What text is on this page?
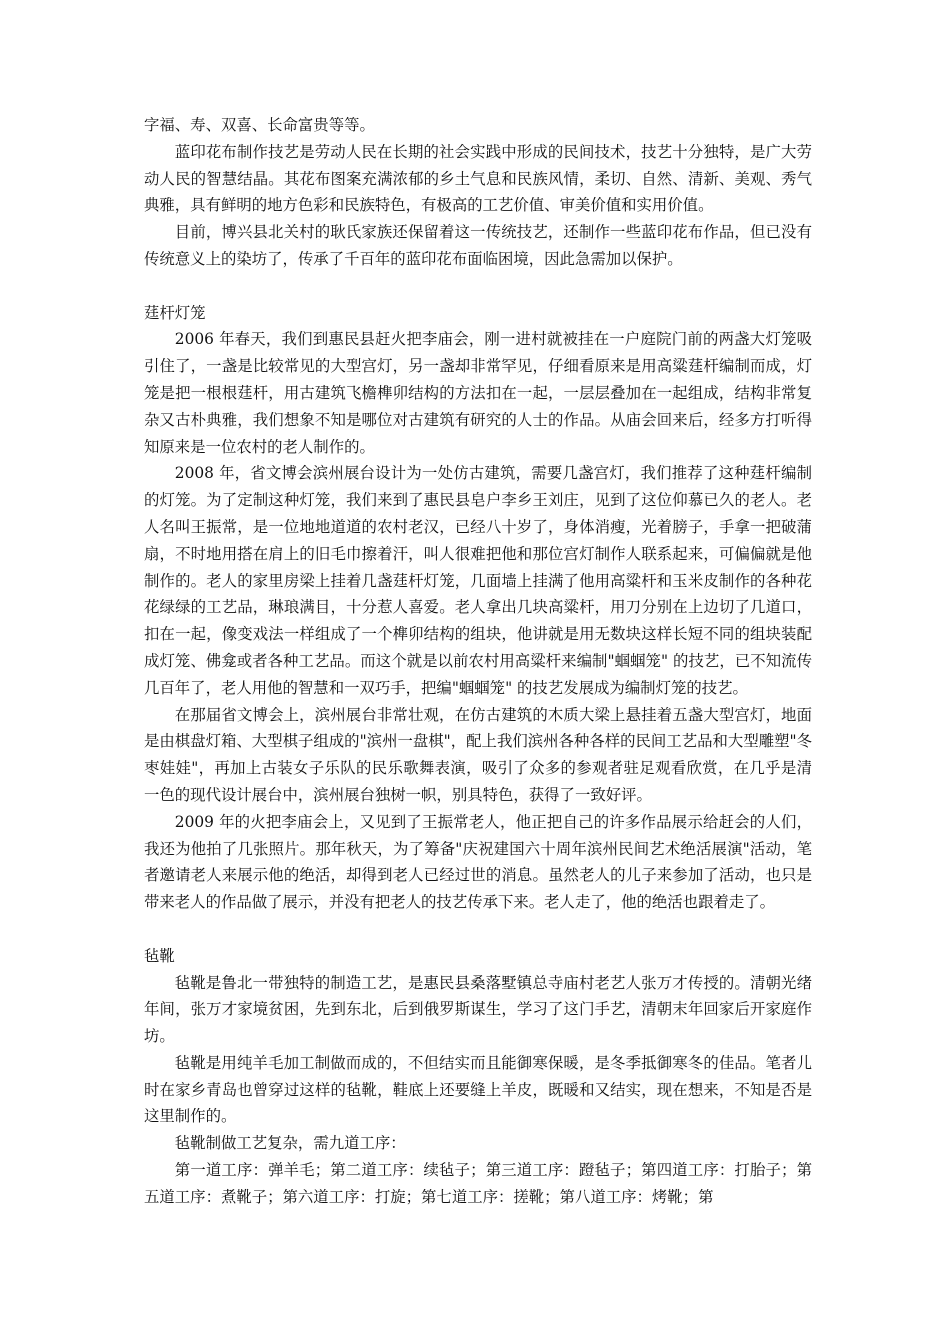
字福、寿、双喜、长命富贵等等。

蓝印花布制作技艺是劳动人民在长期的社会实践中形成的民间技术，技艺十分独特，是广大劳动人民的智慧结晶。其花布图案充满浓郁的乡土气息和民族风情，柔切、自然、清新、美观、秀气典雅，具有鲜明的地方色彩和民族特色，有极高的工艺价值、审美价值和实用价值。

目前，博兴县北关村的耿氏家族还保留着这一传统技艺，还制作一些蓝印花布作品，但已没有传统意义上的染坊了，传承了千百年的蓝印花布面临困境，因此急需加以保护。

莛杆灯笼

2006 年春天，我们到惠民县赶火把李庙会，刚一进村就被挂在一户庭院门前的两盏大灯笼吸引住了，一盏是比较常见的大型宫灯，另一盏却非常罕见，仔细看原来是用高粱莛杆编制而成，灯笼是把一根根莛杆，用古建筑飞檐榫卯结构的方法扣在一起，一层层叠加在一起组成，结构非常复杂又古朴典雅，我们想象不知是哪位对古建筑有研究的人士的作品。从庙会回来后，经多方打听得知原来是一位农村的老人制作的。

2008 年，省文博会滨州展台设计为一处仿古建筑，需要几盏宫灯，我们推荐了这种莛杆编制的灯笼。为了定制这种灯笼，我们来到了惠民县皂户李乡王刘庄，见到了这位仰慕已久的老人。老人名叫王振常，是一位地地道道的农村老汉，已经八十岁了，身体消瘦，光着膀子，手拿一把破蒲扇，不时地用搭在肩上的旧毛巾擦着汗，叫人很难把他和那位宫灯制作人联系起来，可偏偏就是他制作的。老人的家里房梁上挂着几盏莛杆灯笼，几面墙上挂满了他用高粱杆和玉米皮制作的各种花花绿绿的工艺品，琳琅满目，十分惹人喜爱。老人拿出几块高粱杆，用刀分别在上边切了几道口，扣在一起，像变戏法一样组成了一个榫卯结构的组块，他讲就是用无数块这样长短不同的组块装配成灯笼、佛龛或者各种工艺品。而这个就是以前农村用高粱杆来编制"蝈蝈笼" 的技艺，已不知流传几百年了，老人用他的智慧和一双巧手，把编"蝈蝈笼" 的技艺发展成为编制灯笼的技艺。

在那届省文博会上，滨州展台非常壮观，在仿古建筑的木质大梁上悬挂着五盏大型宫灯，地面是由棋盘灯箱、大型棋子组成的"滨州一盘棋"，配上我们滨州各种各样的民间工艺品和大型雕塑"冬枣娃娃"，再加上古装女子乐队的民乐歌舞表演，吸引了众多的参观者驻足观看欣赏，在几乎是清一色的现代设计展台中，滨州展台独树一帜，别具特色，获得了一致好评。

2009 年的火把李庙会上，又见到了王振常老人，他正把自己的许多作品展示给赶会的人们，我还为他拍了几张照片。那年秋天，为了筹备"庆祝建国六十周年滨州民间艺术绝活展演"活动，笔者邀请老人来展示他的绝活，却得到老人已经过世的消息。虽然老人的儿子来参加了活动，也只是带来老人的作品做了展示，并没有把老人的技艺传承下来。老人走了，他的绝活也跟着走了。

毡靴

毡靴是鲁北一带独特的制造工艺，是惠民县桑落墅镇总寺庙村老艺人张万才传授的。清朝光绪年间，张万才家境贫困，先到东北，后到俄罗斯谋生，学习了这门手艺，清朝末年回家后开家庭作坊。

毡靴是用纯羊毛加工制做而成的，不但结实而且能御寒保暖，是冬季抵御寒冬的佳品。笔者儿时在家乡青岛也曾穿过这样的毡靴，鞋底上还要缝上羊皮，既暖和又结实，现在想来，不知是否是这里制作的。

毡靴制做工艺复杂，需九道工序：

第一道工序：弹羊毛；第二道工序：续毡子；第三道工序：蹬毡子；第四道工序：打胎子；第五道工序：煮靴子；第六道工序：打旋；第七道工序：搓靴；第八道工序：烤靴；第
